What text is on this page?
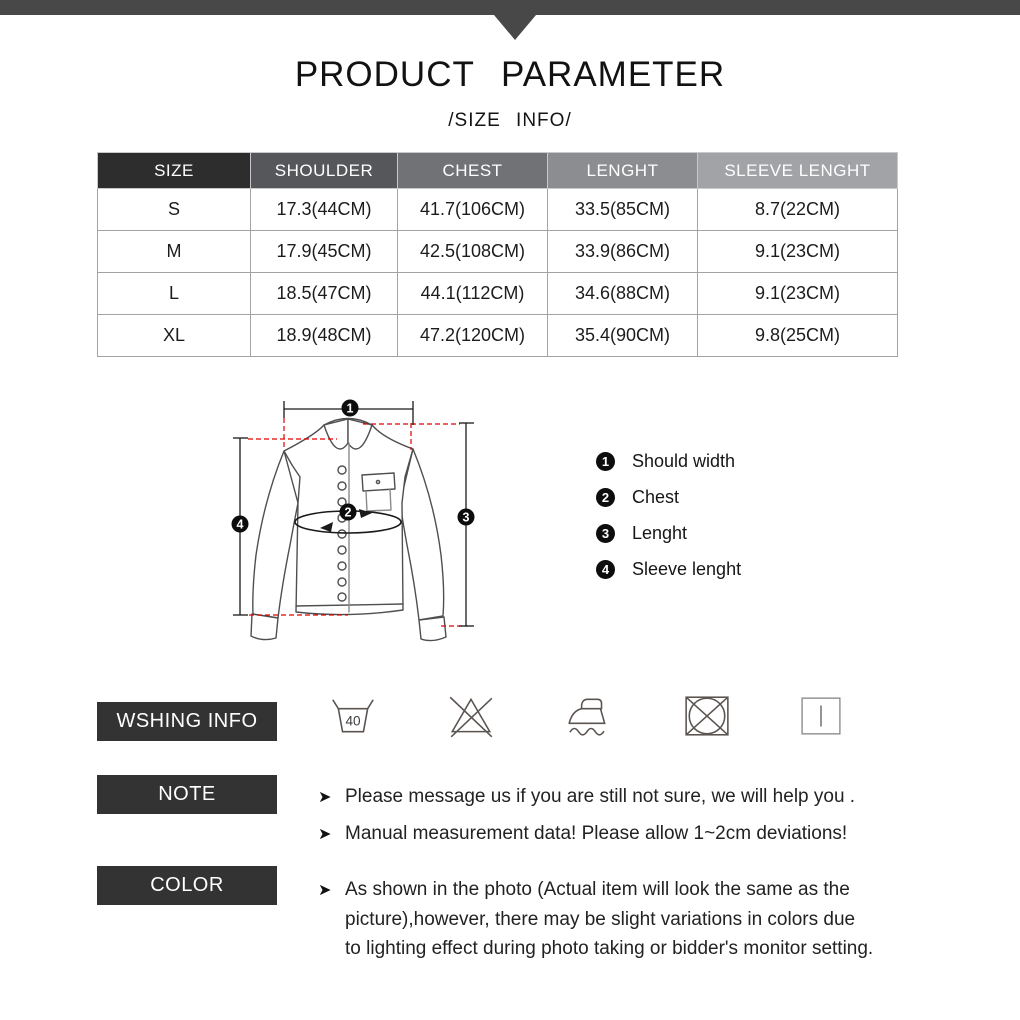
PRODUCT PARAMETER
/SIZE INFO/
SIZE	SHOULDER	CHEST	LENGHT	SLEEVE LENGHT
S	17.3(44CM)	41.7(106CM)	33.5(85CM)	8.7(22CM)
M	17.9(45CM)	42.5(108CM)	33.9(86CM)	9.1(23CM)
L	18.5(47CM)	44.1(112CM)	34.6(88CM)	9.1(23CM)
XL	18.9(48CM)	47.2(120CM)	35.4(90CM)	9.8(25CM)
1
2	3
4
1	Should width
2	Chest
3	Lenght
4	Sleeve lenght
WSHING INFO	40
NOTE	➤ Please message us if you are still not sure, we will help you .
➤ Manual measurement data! Please allow 1~2cm deviations!
COLOR	➤ As shown in the photo (Actual item will look the same as the
picture),however, there may be slight variations in colors due
to lighting effect during photo taking or bidder's monitor setting.
